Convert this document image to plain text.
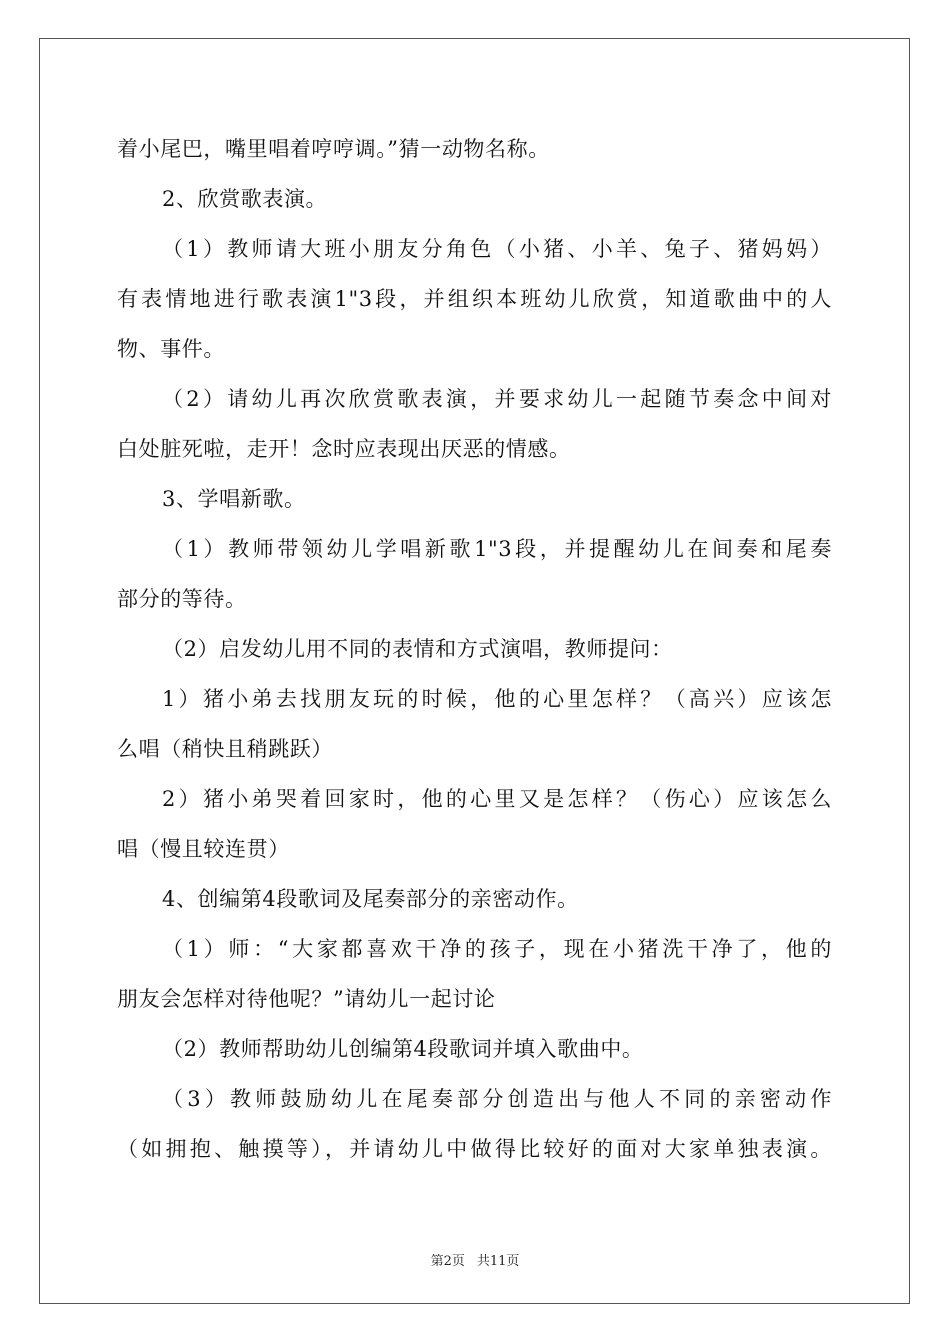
着小尾巴，嘴里唱着哼哼调。”猜一动物名称。
2、欣赏歌表演。
（1）教师请大班小朋友分角色（小猪、小羊、兔子、猪妈妈）
有表情地进行歌表演1"3段，并组织本班幼儿欣赏，知道歌曲中的人
物、事件。
（2）请幼儿再次欣赏歌表演，并要求幼儿一起随节奏念中间对
白处脏死啦，走开！念时应表现出厌恶的情感。
3、学唱新歌。
（1）教师带领幼儿学唱新歌1"3段，并提醒幼儿在间奏和尾奏
部分的等待。
（2）启发幼儿用不同的表情和方式演唱，教师提问：
1）猪小弟去找朋友玩的时候，他的心里怎样？（高兴）应该怎
么唱（稍快且稍跳跃）
2）猪小弟哭着回家时，他的心里又是怎样？（伤心）应该怎么
唱（慢且较连贯）
4、创编第4段歌词及尾奏部分的亲密动作。
（1）师：“大家都喜欢干净的孩子，现在小猪洗干净了，他的
朋友会怎样对待他呢？”请幼儿一起讨论
（2）教师帮助幼儿创编第4段歌词并填入歌曲中。
（3）教师鼓励幼儿在尾奏部分创造出与他人不同的亲密动作
（如拥抱、触摸等），并请幼儿中做得比较好的面对大家单独表演。
第2页 共11页
